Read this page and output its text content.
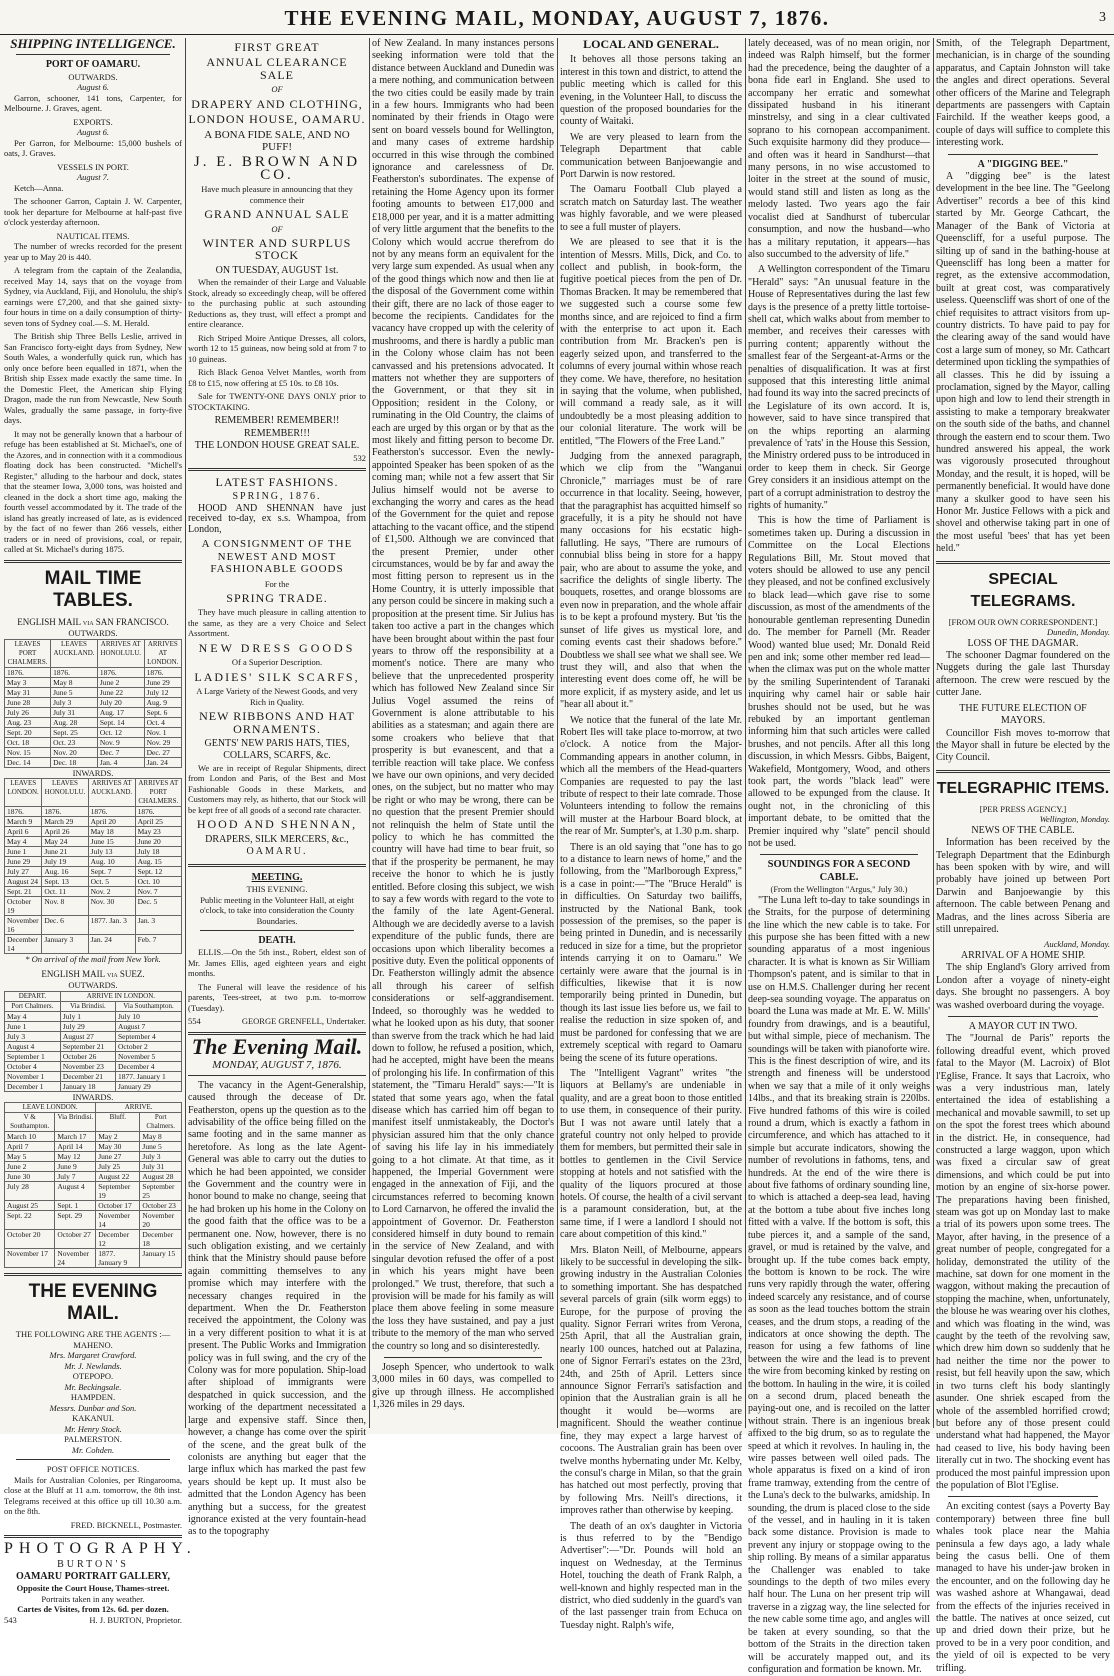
THE EVENING MAIL, MONDAY, AUGUST 7, 1876.	3
SHIPPING INTELLIGENCE.
PORT OF OAMARU.
OUTWARDS.
August 6.

Garron, schooner, 141 tons, Carpenter, for Melbourne. J. Graves, agent.

EXPORTS.
August 6.

Per Garron, for Melbourne: 15,000 bushels of oats, J. Graves.

VESSELS IN PORT.
August 7.

Ketch—Anna.

The schooner Garron, Captain J. W. Carpenter, took her departure for Melbourne at half-past five o'clock yesterday afternoon.

NAUTICAL ITEMS.

The number of wrecks recorded for the present year up to May 20 is 440.

A telegram from the captain of the Zealandia, received May 14, says that on the voyage from Sydney, via Auckland, Fiji, and Honolulu, the ship's earnings were £7,200, and that she gained sixty-four hours in time on a daily consumption of thirty-seven tons of Sydney coal.—S. M. Herald.

The British ship Three Bells Leslie, arrived in San Francisco forty-eight days from Sydney, New South Wales, a wonderfully quick run, which has only once before been equalled in 1871, when the British ship Essex made exactly the same time. In the Domestic Fleet, the American ship Flying Dragon, made the run from Newcastle, New South Wales, gradually the same passage, in forty-five days.

It may not be generally known that a harbour of refuge has been established at St. Michael's, one of the Azores, and in connection with it a commodious floating dock has been constructed. "Michell's Register," alluding to the harbour and dock, states that the steamer Iowa, 3,000 tons, was hoisted and cleaned in the dock a short time ago, making the fourth vessel accommodated by it. The trade of the island has greatly increased of late, as is evidenced by the fact of no fewer than 266 vessels, either traders or in need of provisions, coal, or repair, called at St. Michael's during 1875.

MAIL TIME TABLES.
ENGLISH MAIL via SAN FRANCISCO.
OUTWARDS.
LEAVES PORT CHALMERS.	LEAVES AUCKLAND.	ARRIVES AT HONOLULU.	ARRIVES AT LONDON.
1876.	1876.	1876.	1876.
May 3	May 8	June 2	June 29
May 31	June 5	June 22	July 12
June 28	July 3	July 20	Aug. 9
July 26	July 31	Aug. 17	Sept. 6
Aug. 23	Aug. 28	Sept. 14	Oct. 4
Sept. 20	Sept. 25	Oct. 12	Nov. 1
Oct. 18	Oct. 23	Nov. 9	Nov. 29
Nov. 15	Nov. 20	Dec. 7	Dec. 27
Dec. 14	Dec. 18	Jan. 4	Jan. 24
INWARDS.
LEAVES LONDON.	LEAVES HONOLULU.	ARRIVES AT AUCKLAND.	ARRIVES AT PORT CHALMERS.
1876.	1876.	1876.	1876.
March 9	March 29	April 20	April 25
April 6	April 26	May 18	May 23
May 4	May 24	June 15	June 20
June 1	June 21	July 13	July 18
June 29	July 19	Aug. 10	Aug. 15
July 27	Aug. 16	Sept. 7	Sept. 12
August 24	Sept. 13	Oct. 5	Oct. 10
Sept. 21	Oct. 11	Nov. 2	Nov. 7
October 19	Nov. 8	Nov. 30	Dec. 5
November 16	Dec. 6	1877. Jan. 3	Jan. 3
December 14	January 3	Jan. 24	Feb. 7
* On arrival of the mail from New York.
ENGLISH MAIL via SUEZ.
OUTWARDS.
DEPART.	ARRIVE IN LONDON.	
Port Chalmers.	Via Brindisi.	Via Southampton.
May 4	July 1	July 10
June 1	July 29	August 7
July 3	August 27	September 4
August 4	September 21	October 2
September 1	October 26	November 5
October 4	November 23	December 4
November 1	December 21	1877. January 1
December 1	January 18	January 29
INWARDS.
LEAVE LONDON.		ARRIVE.	
V & Southampton.	Via Brindisi.	Bluff.	Port Chalmers.
March 10	March 17	May 2	May 8
April 7	April 14	May 30	June 5
May 5	May 12	June 27	July 3
June 2	June 9	July 25	July 31
June 30	July 7	August 22	August 28
July 28	August 4	September 19	September 25
August 25	Sept. 1	October 17	October 23
Sept. 22	Sept. 29	November 14	November 20
October 20	October 27	December 12	December 18
November 17	November 24	1877. January 9	January 15
THE EVENING MAIL.
THE FOLLOWING ARE THE AGENTS :—
MAHENO.
Mrs. Margaret Crawford.
Mr. J. Newlands.
OTEPOPO.
Mr. Beckingsale.
HAMPDEN.
Messrs. Dunbar and Son.
KAKANUI.
Mr. Henry Stock.
PALMERSTON.
Mr. Cohden.
POST OFFICE NOTICES.

Mails for Australian Colonies, per Ringarooma, close at the Bluff at 11 a.m. tomorrow, the 8th inst. Telegrams received at this office up till 10.30 a.m. on the 8th.

FRED. BICKNELL, Postmaster.
PHOTOGRAPHY.
BURTON'S
OAMARU PORTRAIT GALLERY,
Opposite the Court House, Thames-street.
Portraits taken in any weather.
Cartes de Visites, from 12s. 6d. per dozen.
543	H. J. BURTON, Proprietor.
FIRST GREAT
ANNUAL CLEARANCE SALE
OF
DRAPERY AND CLOTHING,
LONDON HOUSE, OAMARU.
A BONA FIDE SALE, AND NO PUFF!
J. E. BROWN AND CO.
Have much pleasure in announcing that they
commence their
GRAND ANNUAL SALE
OF
WINTER AND SURPLUS STOCK
ON TUESDAY, AUGUST 1st.

When the remainder of their Large and Valuable Stock, already so exceedingly cheap, will be offered to the purchasing public at such astounding Reductions as, they trust, will effect a prompt and entire clearance.

Rich Striped Moire Antique Dresses, all colors, worth 12 to 15 guineas, now being sold at from 7 to 10 guineas.

Rich Black Genoa Velvet Mantles, worth from £8 to £15, now offering at £5 10s. to £8 10s.

Sale for TWENTY-ONE DAYS ONLY prior to STOCKTAKING.

REMEMBER! REMEMBER!!
REMEMBER!!!
THE LONDON HOUSE GREAT SALE.
532
LATEST FASHIONS.
SPRING, 1876.

HOOD AND SHENNAN have just received to-day, ex s.s. Whampoa, from London,

A CONSIGNMENT OF THE NEWEST AND MOST FASHIONABLE GOODS
For the
SPRING TRADE.

They have much pleasure in calling attention to the same, as they are a very Choice and Select Assortment.

NEW DRESS GOODS
Of a Superior Description.
LADIES' SILK SCARFS,
A Large Variety of the Newest Goods, and very Rich in Quality.
NEW RIBBONS AND HAT ORNAMENTS.
GENTS' NEW PARIS HATS, TIES, COLLARS, SCARFS, &c.

We are in receipt of Regular Shipments, direct from London and Paris, of the Best and Most Fashionable Goods in these Markets, and Customers may rely, as hitherto, that our Stock will be kept free of all goods of a second rate character.

HOOD AND SHENNAN,
DRAPERS, SILK MERCERS, &c.,
OAMARU.
MEETING.
THIS EVENING.
Public meeting in the Volunteer Hall, at eight o'clock, to take into consideration the County Boundaries.
DEATH.

ELLIS.—On the 5th inst., Robert, eldest son of Mr. James Ellis, aged eighteen years and eight months.

The Funeral will leave the residence of his parents, Tees-street, at two p.m. to-morrow (Tuesday).

554	GEORGE GRENFELL, Undertaker.
The Evening Mail.
MONDAY, AUGUST 7, 1876.

The vacancy in the Agent-Generalship, caused through the decease of Dr. Featherston, opens up the question as to the advisability of the office being filled on the same footing and in the same manner as heretofore. As long as the late Agent-General was able to carry out the duties to which he had been appointed, we consider the Government and the country were in honor bound to make no change, seeing that he had broken up his home in the Colony on the good faith that the office was to be a permanent one. Now, however, there is no such obligation existing, and we certainly think that the Ministry should pause before again committing themselves to any promise which may interfere with the necessary changes required in the department. When the Dr. Featherston received the appointment, the Colony was in a very different position to what it is at present. The Public Works and Immigration policy was in full swing, and the cry of the Colony was for more population. Ship-load after shipload of immigrants were despatched in quick succession, and the working of the department necessitated a large and expensive staff. Since then, however, a change has come over the spirit of the scene, and the great bulk of the colonists are anything but eager that the large influx which has marked the past few years should be kept up. It must also be admitted that the London Agency has been anything but a success, for the greatest ignorance existed at the very fountain-head as to the topography

of New Zealand. In many instances persons seeking information were told that the distance between Auckland and Dunedin was a mere nothing, and communication between the two cities could be easily made by train in a few hours. Immigrants who had been nominated by their friends in Otago were sent on board vessels bound for Wellington, and many cases of extreme hardship occurred in this wise through the combined ignorance and carelessness of Dr. Featherston's subordinates. The expense of retaining the Home Agency upon its former footing amounts to between £17,000 and £18,000 per year, and it is a matter admitting of very little argument that the benefits to the Colony which would accrue therefrom do not by any means form an equivalent for the very large sum expended. As usual when any of the good things which now and then lie at the disposal of the Government come within their gift, there are no lack of those eager to become the recipients. Candidates for the vacancy have cropped up with the celerity of mushrooms, and there is hardly a public man in the Colony whose claim has not been canvassed and his pretensions advocated. It matters not whether they are supporters of the Government, or that they sit in Opposition; resident in the Colony, or ruminating in the Old Country, the claims of each are urged by this organ or by that as the most likely and fitting person to become Dr. Featherston's successor. Even the newly-appointed Speaker has been spoken of as the coming man; while not a few assert that Sir Julius himself would not be averse to exchanging the worry and cares as the head of the Government for the quiet and repose attaching to the vacant office, and the stipend of £1,500. Although we are convinced that the present Premier, under other circumstances, would be by far and away the most fitting person to represent us in the Home Country, it is utterly impossible that any person could be sincere in making such a proposition at the present time. Sir Julius has taken too active a part in the changes which have been brought about within the past four years to throw off the responsibility at a moment's notice. There are many who believe that the unprecedented prosperity which has followed New Zealand since Sir Julius Vogel assumed the reins of Government is alone attributable to his abilities as a statesman; and again there are some croakers who believe that that prosperity is but evanescent, and that a terrible reaction will take place. We confess we have our own opinions, and very decided ones, on the subject, but no matter who may be right or who may be wrong, there can be no question that the present Premier should not relinquish the helm of State until the policy to which he has committed the country will have had time to bear fruit, so that if the prosperity be permanent, he may receive the honor to which he is justly entitled. Before closing this subject, we wish to say a few words with regard to the vote to the family of the late Agent-General. Although we are decidedly averse to a lavish expenditure of the public funds, there are occasions upon which liberality becomes a positive duty. Even the political opponents of Dr. Featherston willingly admit the absence all through his career of selfish considerations or self-aggrandisement. Indeed, so thoroughly was he wedded to what he looked upon as his duty, that sooner than swerve from the track which he had laid down to follow, he refused a position, which, had he accepted, might have been the means of prolonging his life. In confirmation of this statement, the "Timaru Herald" says:—"It is stated that some years ago, when the fatal disease which has carried him off began to manifest itself unmistakeably, the Doctor's physician assured him that the only chance of saving his life lay in his immediately going to a hot climate. At that time, as it happened, the Imperial Government were engaged in the annexation of Fiji, and the circumstances referred to becoming known to Lord Carnarvon, he offered the invalid the appointment of Governor. Dr. Featherston considered himself in duty bound to remain in the service of New Zealand, and with singular devotion refused the offer of a post in which his years might have been prolonged." We trust, therefore, that such a provision will be made for his family as will place them above feeling in some measure the loss they have sustained, and pay a just tribute to the memory of the man who served the country so long and so disinterestedly.

Joseph Spencer, who undertook to walk 3,000 miles in 60 days, was compelled to give up through illness. He accomplished 1,326 miles in 29 days.

LOCAL AND GENERAL.

It behoves all those persons taking an interest in this town and district, to attend the public meeting which is called for this evening, in the Volunteer Hall, to discuss the question of the proposed boundaries for the county of Waitaki.

We are very pleased to learn from the Telegraph Department that cable communication between Banjoewangie and Port Darwin is now restored.

The Oamaru Football Club played a scratch match on Saturday last. The weather was highly favorable, and we were pleased to see a full muster of players.

We are pleased to see that it is the intention of Messrs. Mills, Dick, and Co. to collect and publish, in book-form, the fugitive poetical pieces from the pen of Dr. Thomas Bracken. It may be remembered that we suggested such a course some few months since, and are rejoiced to find a firm with the enterprise to act upon it. Each contribution from Mr. Bracken's pen is eagerly seized upon, and transferred to the columns of every journal within whose reach they come. We have, therefore, no hesitation in saying that the volume, when published, will command a ready sale, as it will undoubtedly be a most pleasing addition to our colonial literature. The work will be entitled, "The Flowers of the Free Land."

Judging from the annexed paragraph, which we clip from the "Wanganui Chronicle," marriages must be of rare occurrence in that locality. Seeing, however, that the paragraphist has acquitted himself so gracefully, it is a pity he should not have many occasions for his ecstatic high-fallutling. He says, "There are rumours of connubial bliss being in store for a happy pair, who are about to assume the yoke, and sacrifice the delights of single liberty. The bouquets, rosettes, and orange blossoms are even now in preparation, and the whole affair is to be kept a profound mystery. But 'tis the sunset of life gives us mystical lore, and coming events cast their shadows before." Doubtless we shall see what we shall see. We trust they will, and also that when the interesting event does come off, he will be more explicit, if as mystery aside, and let us "hear all about it."

We notice that the funeral of the late Mr. Robert Iles will take place to-morrow, at two o'clock. A notice from the Major-Commanding appears in another column, in which all the members of the Head-quarters Companies are requested to pay the last tribute of respect to their late comrade. Those Volunteers intending to follow the remains will muster at the Harbour Board block, at the rear of Mr. Sumpter's, at 1.30 p.m. sharp.

There is an old saying that "one has to go to a distance to learn news of home," and the following, from the "Marlborough Express," is a case in point:—"The "Bruce Herald" is in difficulties. On Saturday two bailiffs, instructed by the National Bank, took possession of the premises, so the paper is being printed in Dunedin, and is necessarily reduced in size for a time, but the proprietor intends carrying it on to Oamaru." We certainly were aware that the journal is in difficulties, likewise that it is now temporarily being printed in Dunedin, but though its last issue lies before us, we fail to realise the reduction in size spoken of, and must be pardoned for confessing that we are extremely sceptical with regard to Oamaru being the scene of its future operations.

The "Intelligent Vagrant" writes "the liquors at Bellamy's are undeniable in quality, and are a great boon to those entitled to use them, in consequence of their purity. But I was not aware until lately that a grateful country not only helped to provide them for members, but permitted their sale in bottles to gentlemen in the Civil Service stopping at hotels and not satisfied with the quality of the liquors procured at those hotels. Of course, the health of a civil servant is a paramount consideration, but, at the same time, if I were a landlord I should not care about competition of this kind."

Mrs. Blaton Neill, of Melbourne, appears likely to be successful in developing the silk-growing industry in the Australian Colonies to something important. She has despatched several parcels of grain (silk worm eggs) to Europe, for the purpose of proving the quality. Signor Ferrari writes from Verona, 25th April, that all the Australian grain, nearly 100 ounces, hatched out at Palazina, one of Signor Ferrari's estates on the 23rd, 24th, and 25th of April. Letters since announce Signor Ferrari's satisfaction and opinion that the Australian grain is all he thought it would be—worms are magnificent. Should the weather continue fine, they may expect a large harvest of cocoons. The Australian grain has been over twelve months hybernating under Mr. Kelby, the consul's charge in Milan, so that the grain has hatched out most perfectly, proving that by following Mrs. Neill's directions, it improves rather than otherwise by keeping.

The death of an ox's daughter in Victoria is thus referred to by the "Bendigo Advertiser":—"Dr. Pounds will hold an inquest on Wednesday, at the Terminus Hotel, touching the death of Frank Ralph, a well-known and highly respected man in the district, who died suddenly in the guard's van of the last passenger train from Echuca on Tuesday night. Ralph's wife,

lately deceased, was of no mean origin, nor indeed was Ralph himself, but the former had the precedence, being the daughter of a bona fide earl in England. She used to accompany her erratic and somewhat dissipated husband in his itinerant minstrelsy, and sing in a clear cultivated soprano to his cornopean accompaniment. Such exquisite harmony did they produce—and often was it heard in Sandhurst—that many persons, in no wise accustomed to loiter in the street at the sound of music, would stand still and listen as long as the melody lasted. Two years ago the fair vocalist died at Sandhurst of tubercular consumption, and now the husband—who has a military reputation, it appears—has also succumbed to the adversity of life."

A Wellington correspondent of the Timaru "Herald" says: "An unusual feature in the House of Representatives during the last few days is the presence of a pretty little tortoise-shell cat, which walks about from member to member, and receives their caresses with purring content; apparently without the smallest fear of the Sergeant-at-Arms or the penalties of disqualification. It was at first supposed that this interesting little animal had found its way into the sacred precincts of the Legislature of its own accord. It is, however, said to have since transpired that on the whips reporting an alarming prevalence of 'rats' in the House this Session, the Ministry ordered puss to be introduced in order to keep them in check. Sir George Grey considers it an insidious attempt on the part of a corrupt administration to destroy the rights of humanity."

This is how the time of Parliament is sometimes taken up. During a discussion in Committee on the Local Elections Regulations Bill, Mr. Stout moved that voters should be allowed to use any pencil they pleased, and not be confined exclusively to black lead—which gave rise to some discussion, as most of the amendments of the honourable gentleman representing Dunedin do. The member for Parnell (Mr. Reader Wood) wanted blue used; Mr. Donald Reid pen and ink; some other member red lead—when the climax was put on the whole matter by the smiling Superintendent of Taranaki inquiring why camel hair or sable hair brushes should not be used, but he was rebuked by an important gentleman informing him that such articles were called brushes, and not pencils. After all this long discussion, in which Messrs. Gibbs, Baigent, Wakefield, Montgomery, Wood, and others took part, the words "black lead" were allowed to be expunged from the clause. It ought not, in the chronicling of this important debate, to be omitted that the Premier inquired why "slate" pencil should not be used.

SOUNDINGS FOR A SECOND CABLE.
(From the Wellington "Argus," July 30.)

"The Luna left to-day to take soundings in the Straits, for the purpose of determining the line which the new cable is to take. For this purpose she has been fitted with a new sounding apparatus of a most ingenious character. It is what is known as Sir William Thompson's patent, and is similar to that in use on H.M.S. Challenger during her recent deep-sea sounding voyage. The apparatus on board the Luna was made at Mr. E. W. Mills' foundry from drawings, and is a beautiful, but withal simple, piece of mechanism. The soundings will be taken with pianoforte wire. This is the finest description of wire, and its strength and fineness will be understood when we say that a mile of it only weighs 14lbs., and that its breaking strain is 220lbs. Five hundred fathoms of this wire is coiled round a drum, which is exactly a fathom in circumference, and which has attached to it simple but accurate indicators, showing the number of revolutions in fathoms, tens, and hundreds. At the end of the wire there is about five fathoms of ordinary sounding line, to which is attached a deep-sea lead, having at the bottom a tube about five inches long fitted with a valve. If the bottom is soft, this tube pierces it, and a sample of the sand, gravel, or mud is retained by the valve, and brought up. If the tube comes back empty, the bottom is known to be rock. The wire runs very rapidly through the water, offering indeed scarcely any resistance, and of course as soon as the lead touches bottom the strain ceases, and the drum stops, a reading of the indicators at once showing the depth. The reason for using a few fathoms of line between the wire and the lead is to prevent the wire from becoming kinked by resting on the bottom. In hauling in the wire, it is coiled on a second drum, placed beneath the paying-out one, and is recoiled on the latter without strain. There is an ingenious break affixed to the big drum, so as to regulate the speed at which it revolves. In hauling in, the wire passes between well oiled pads. The whole apparatus is fixed on a kind of iron frame tramway, extending from the centre of the Luna's deck to the bulwarks, amidship. In sounding, the drum is placed close to the side of the vessel, and in hauling in it is taken back some distance. Provision is made to prevent any injury or stoppage owing to the ship rolling. By means of a similar apparatus the Challenger was enabled to take soundings to the depth of two miles every half hour. The Luna on her present trip will traverse in a zigzag way, the line selected for the new cable some time ago, and angles will be taken at every sounding, so that the bottom of the Straits in the direction taken will be accurately mapped out, and its configuration and formation be known. Mr.

Smith, of the Telegraph Department, mechanician, is in charge of the sounding apparatus, and Captain Johnston will take the angles and direct operations. Several other officers of the Marine and Telegraph departments are passengers with Captain Fairchild. If the weather keeps good, a couple of days will suffice to complete this interesting work.

A "DIGGING BEE."

A "digging bee" is the latest development in the bee line. The "Geelong Advertiser" records a bee of this kind started by Mr. George Cathcart, the Manager of the Bank of Victoria at Queenscliff, for a useful purpose. The silting up of sand in the bathing-house at Queenscliff has long been a matter for regret, as the extensive accommodation, built at great cost, was comparatively useless. Queenscliff was short of one of the chief requisites to attract visitors from up-country districts. To have paid to pay for the clearing away of the sand would have cost a large sum of money, so Mr. Cathcart determined upon tickling the sympathies of all classes. This he did by issuing a proclamation, signed by the Mayor, calling upon high and low to lend their strength in assisting to make a temporary breakwater on the south side of the baths, and channel through the eastern end to scour them. Two hundred answered his appeal, the work was vigorously prosecuted throughout Monday, and the result, it is hoped, will be permanently beneficial. It would have done many a skulker good to have seen his Honor Mr. Justice Fellows with a pick and shovel and otherwise taking part in one of the most useful 'bees' that has yet been held."

SPECIAL TELEGRAMS.
[FROM OUR OWN CORRESPONDENT.]
Dunedin, Monday.
LOSS OF THE DAGMAR.

The schooner Dagmar foundered on the Nuggets during the gale last Thursday afternoon. The crew were rescued by the cutter Jane.

THE FUTURE ELECTION OF MAYORS.

Councillor Fish moves to-morrow that the Mayor shall in future be elected by the City Council.

TELEGRAPHIC ITEMS.
[PER PRESS AGENCY.]
Wellington, Monday.
NEWS OF THE CABLE.

Information has been received by the Telegraph Department that the Edinburgh has been spoken with by wire, and will probably have joined up between Port Darwin and Banjoewangie by this afternoon. The cable between Penang and Madras, and the lines across Siberia are still unrepaired.

Auckland, Monday.
ARRIVAL OF A HOME SHIP.

The ship England's Glory arrived from London after a voyage of ninety-eight days. She brought no passengers. A boy was washed overboard during the voyage.

A MAYOR CUT IN TWO.

The "Journal de Paris" reports the following dreadful event, which proved fatal to the Mayor (M. Lacroix) of Blot l'Eglise, France. It says that Lacroix, who was a very industrious man, lately entertained the idea of establishing a mechanical and movable sawmill, to set up on the spot the forest trees which abound in the district. He, in consequence, had constructed a large waggon, upon which was fixed a circular saw of great dimensions, and which could be put into motion by an engine of six-horse power. The preparations having been finished, steam was got up on Monday last to make a trial of its powers upon some trees. The Mayor, after having, in the presence of a great number of people, congregated for a holiday, demonstrated the utility of the machine, sat down for one moment in the waggon, without making the precaution of stopping the machine, when, unfortunately, the blouse he was wearing over his clothes, and which was floating in the wind, was caught by the teeth of the revolving saw, which drew him down so suddenly that he had neither the time nor the power to resist, but fell heavily upon the saw, which in two turns cleft his body slantingly asunder. One shriek escaped from the whole of the assembled horrified crowd; but before any of those present could understand what had happened, the Mayor had ceased to live, his body having been literally cut in two. The shocking event has produced the most painful impression upon the population of Blot l'Eglise.

An exciting contest (says a Poverty Bay contemporary) between three fine bull whales took place near the Mahia peninsula a few days ago, a lady whale being the casus belli. One of them managed to have his under-jaw broken in the encounter, and on the following day he was washed ashore at Whangawai, dead from the effects of the injuries received in the battle. The natives at once seized, cut up and dried down their prize, but he proved to be in a very poor condition, and the yield of oil is expected to be very trifling.
